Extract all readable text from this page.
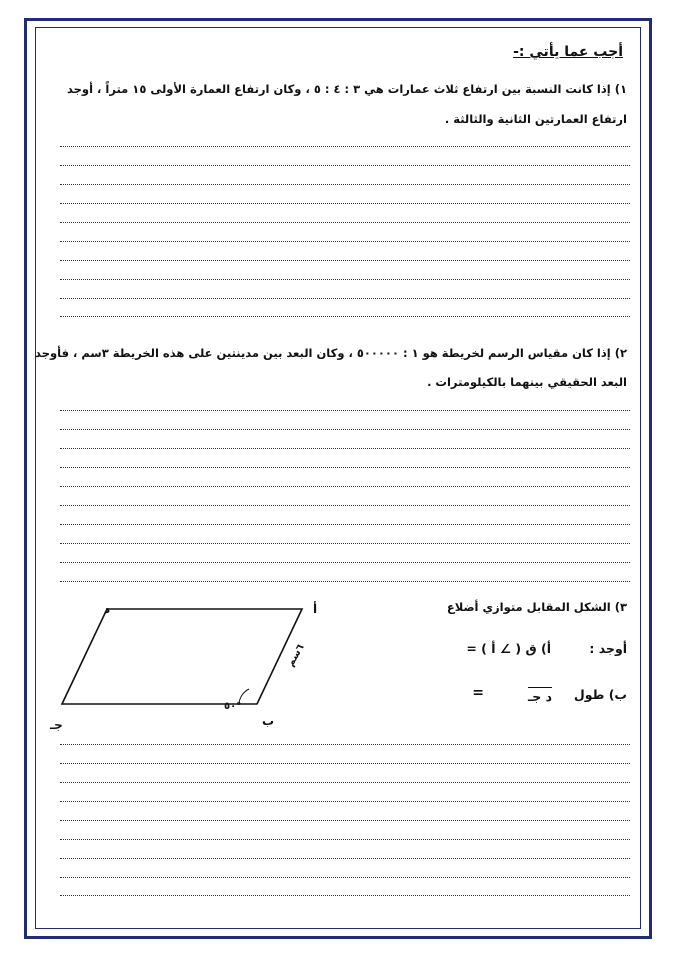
أجب عما يأتي :-
١) إذا كانت النسبة بين ارتفاع ثلاث عمارات هي ٣ : ٤ : ٥ ، وكان ارتفاع العمارة الأولى ١٥ متراً ، أوجد
ارتفاع العمارتين الثانية والثالثة .
٢) إذا كان مقياس الرسم لخريطة هو ١ : ٥٠٠٠٠٠ ، وكان البعد بين مدينتين على هذه الخريطة ٣سم ، فأوجد
البعد الحقيقي بينهما بالكيلومترات .
٣) الشكل المقابل متوازي أضلاع
أوجد :
أ) ق ( ∠ أ ) =
ب) طول
د جـ
=
أ
د
ب
جـ
٦سم
٥٠°
